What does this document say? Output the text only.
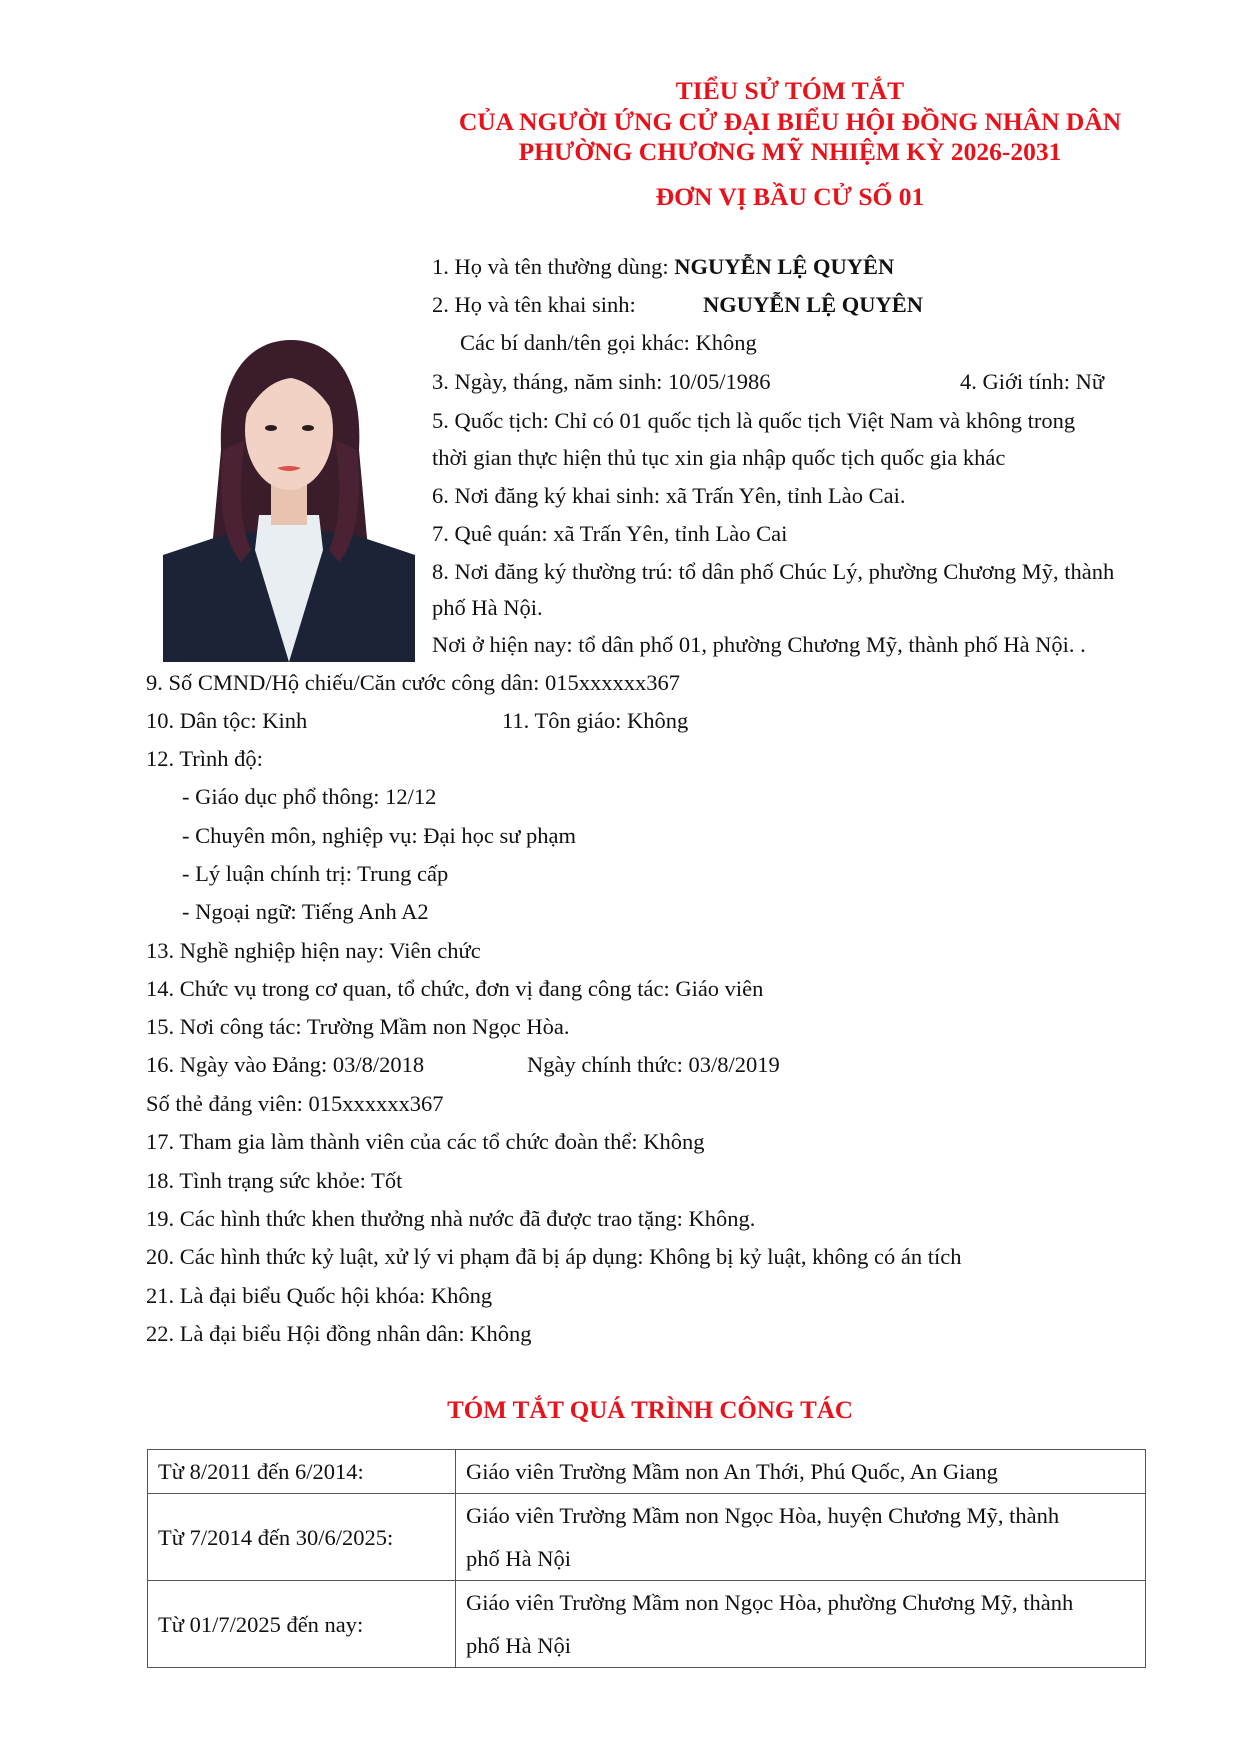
TIỂU SỬ TÓM TẮT
CỦA NGƯỜI ỨNG CỬ ĐẠI BIỂU HỘI ĐỒNG NHÂN DÂN
PHƯỜNG CHƯƠNG MỸ NHIỆM KỲ 2026-2031
ĐƠN VỊ BẦU CỬ SỐ 01
1. Họ và tên thường dùng: NGUYỄN LỆ QUYÊN
2. Họ và tên khai sinh:	NGUYỄN LỆ QUYÊN
Các bí danh/tên gọi khác: Không
3. Ngày, tháng, năm sinh: 10/05/1986	4. Giới tính: Nữ
5. Quốc tịch: Chỉ có 01 quốc tịch là quốc tịch Việt Nam và không trong
thời gian thực hiện thủ tục xin gia nhập quốc tịch quốc gia khác
6. Nơi đăng ký khai sinh: xã Trấn Yên, tỉnh Lào Cai.
7. Quê quán: xã Trấn Yên, tỉnh Lào Cai
8. Nơi đăng ký thường trú: tổ dân phố Chúc Lý, phường Chương Mỹ, thành
phố Hà Nội.
Nơi ở hiện nay: tổ dân phố 01, phường Chương Mỹ, thành phố Hà Nội. .
9. Số CMND/Hộ chiếu/Căn cước công dân: 015xxxxxx367
10. Dân tộc: Kinh	11. Tôn giáo: Không
12. Trình độ:
- Giáo dục phổ thông: 12/12
- Chuyên môn, nghiệp vụ: Đại học sư phạm
- Lý luận chính trị: Trung cấp
- Ngoại ngữ: Tiếng Anh A2
13. Nghề nghiệp hiện nay: Viên chức
14. Chức vụ trong cơ quan, tổ chức, đơn vị đang công tác: Giáo viên
15. Nơi công tác: Trường Mầm non Ngọc Hòa.
16. Ngày vào Đảng: 03/8/2018	Ngày chính thức: 03/8/2019
Số thẻ đảng viên: 015xxxxxx367
17. Tham gia làm thành viên của các tổ chức đoàn thể: Không
18. Tình trạng sức khỏe: Tốt
19. Các hình thức khen thưởng nhà nước đã được trao tặng: Không.
20. Các hình thức kỷ luật, xử lý vi phạm đã bị áp dụng: Không bị kỷ luật, không có án tích
21. Là đại biểu Quốc hội khóa: Không
22. Là đại biểu Hội đồng nhân dân: Không
TÓM TẮT QUÁ TRÌNH CÔNG TÁC
Từ 8/2011 đến 6/2014:	Giáo viên Trường Mầm non An Thới, Phú Quốc, An Giang

Từ 7/2014 đến 30/6/2025:	Giáo viên Trường Mầm non Ngọc Hòa, huyện Chương Mỹ, thành
phố Hà Nội

Từ 01/7/2025 đến nay:	Giáo viên Trường Mầm non Ngọc Hòa, phường Chương Mỹ, thành
phố Hà Nội
